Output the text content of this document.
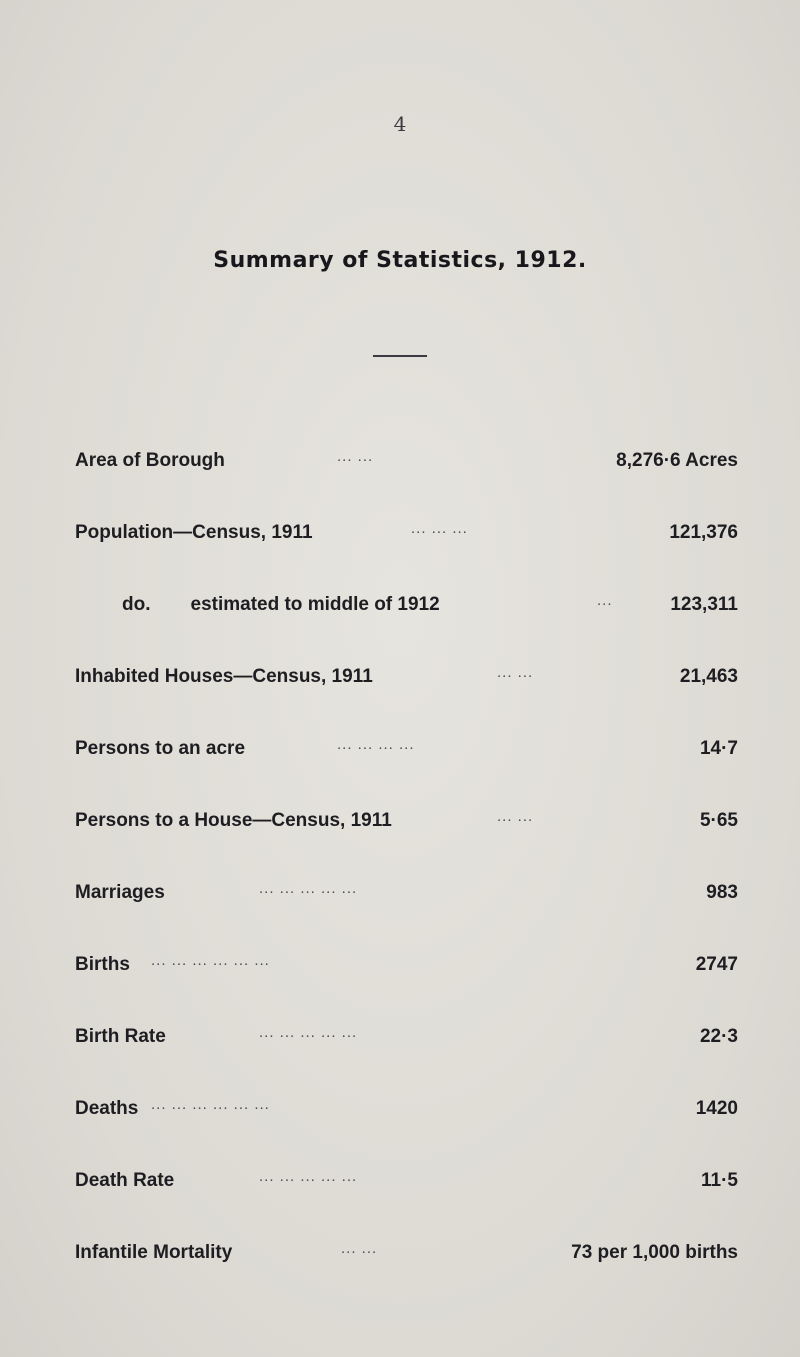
4
Summary of Statistics, 1912.
Area of Borough	... ...	8,276·6 Acres
Population—Census, 1911	... ... ...	121,376
do. estimated to middle of 1912	...	123,311
Inhabited Houses—Census, 1911	... ...	21,463
Persons to an acre	... ... ... ...	14·7
Persons to a House—Census, 1911	... ...	5·65
Marriages	... ... ... ... ...	983
Births ... ... ... ... ... ...	2747
Birth Rate	... ... ... ... ...	22·3
Deaths ... ... ... ... ... ...	1420
Death Rate	... ... ... ... ...	11·5
Infantile Mortality	... ...	73 per 1,000 births
